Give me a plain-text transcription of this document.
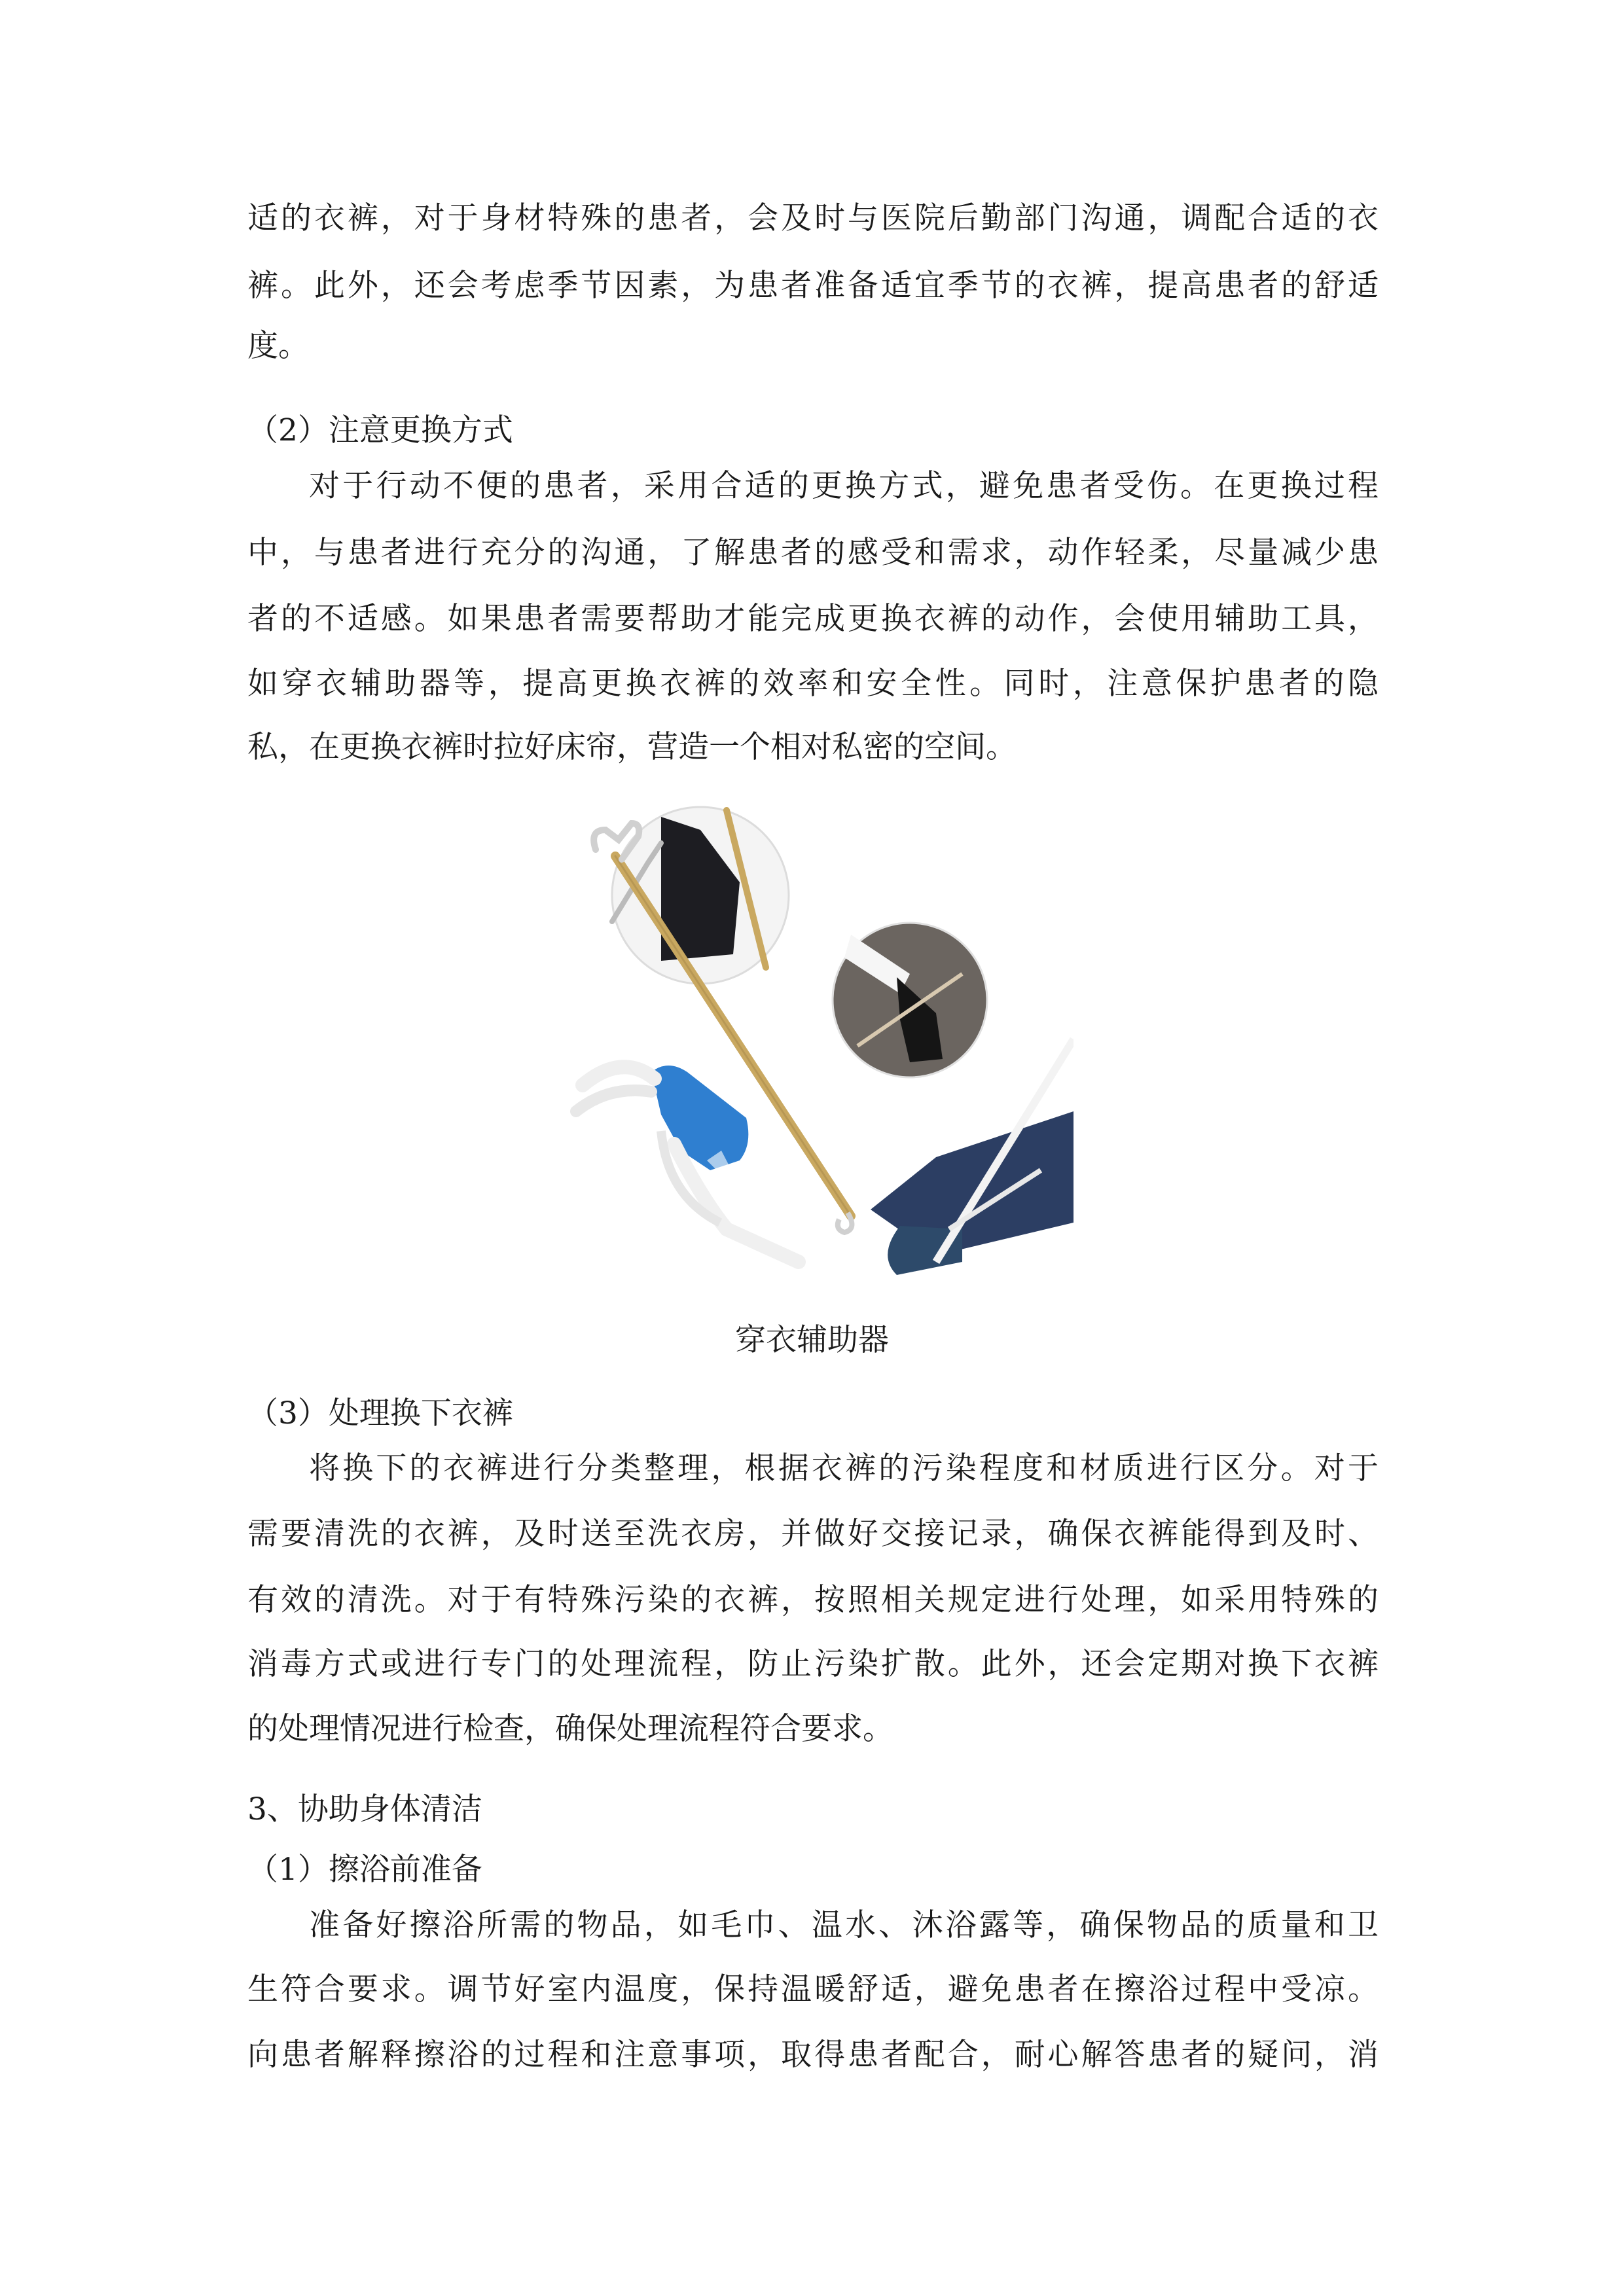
适的衣裤，对于身材特殊的患者，会及时与医院后勤部门沟通，调配合适的衣

裤。此外，还会考虑季节因素，为患者准备适宜季节的衣裤，提高患者的舒适

度。

（2）注意更换方式

对于行动不便的患者，采用合适的更换方式，避免患者受伤。在更换过程

中，与患者进行充分的沟通，了解患者的感受和需求，动作轻柔，尽量减少患

者的不适感。如果患者需要帮助才能完成更换衣裤的动作，会使用辅助工具，

如穿衣辅助器等，提高更换衣裤的效率和安全性。同时，注意保护患者的隐

私，在更换衣裤时拉好床帘，营造一个相对私密的空间。

穿衣辅助器

（3）处理换下衣裤

将换下的衣裤进行分类整理，根据衣裤的污染程度和材质进行区分。对于

需要清洗的衣裤，及时送至洗衣房，并做好交接记录，确保衣裤能得到及时、

有效的清洗。对于有特殊污染的衣裤，按照相关规定进行处理，如采用特殊的

消毒方式或进行专门的处理流程，防止污染扩散。此外，还会定期对换下衣裤

的处理情况进行检查，确保处理流程符合要求。

3、协助身体清洁

（1）擦浴前准备

准备好擦浴所需的物品，如毛巾、温水、沐浴露等，确保物品的质量和卫

生符合要求。调节好室内温度，保持温暖舒适，避免患者在擦浴过程中受凉。

向患者解释擦浴的过程和注意事项，取得患者配合，耐心解答患者的疑问，消
